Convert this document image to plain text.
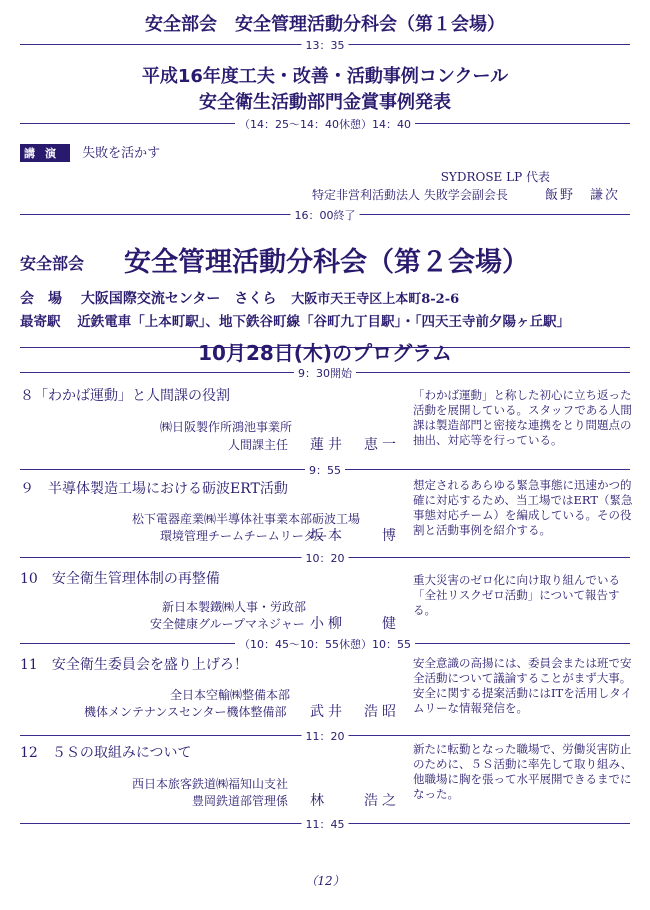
安全部会　安全管理活動分科会（第１会場）
13：35
平成16年度工夫・改善・活動事例コンクール
安全衛生活動部門金賞事例発表
（14：25～14：40休憩）14：40
講演 失敗を活かす
SYDROSE LP 代表
特定非営利活動法人 失敗学会副会長	飯野　謙次
16：00終了
安全部会 安全管理活動分科会（第２会場）
会　場 大阪国際交流センター　さくら 大阪市天王寺区上本町8-2-6
最寄駅 近鉄電車「上本町駅」、地下鉄谷町線「谷町九丁目駅」・「四天王寺前夕陽ヶ丘駅」
10月28日(木)のプログラム
9：30開始
８「わかば運動」と人間課の役割
㈱日阪製作所鴻池事業所
人間課主任 蓮井　恵一
「わかば運動」と称した初心に立ち返った活動を展開している。スタッフである人間課は製造部門と密接な連携をとり問題点の抽出、対応等を行っている。
9：55
９　半導体製造工場における砺波ERT活動
松下電器産業㈱半導体社事業本部砺波工場
環境管理チームチームリーダー
坂本　　博
想定されるあらゆる緊急事態に迅速かつ的確に対応するため、当工場ではERT（緊急事態対応チーム）を編成している。その役割と活動事例を紹介する。
10：20
10　安全衛生管理体制の再整備
新日本製鐵㈱人事・労政部
安全健康グループマネジャー 小柳　　健
重大災害のゼロ化に向け取り組んでいる「全社リスクゼロ活動」について報告する。
（10：45～10：55休憩）10：55
11　安全衛生委員会を盛り上げろ！
全日本空輸㈱整備本部
機体メンテナンスセンター機体整備部 武井　浩昭
安全意識の高揚には、委員会または班で安全活動について議論することがまず大事。安全に関する提案活動にはITを活用しタイムリーな情報発信を。
11：20
12　５Ｓの取組みについて
西日本旅客鉄道㈱福知山支社
豊岡鉄道部管理係 林　　浩之
新たに転勤となった職場で、労働災害防止のために、５Ｓ活動に率先して取り組み、他職場に胸を張って水平展開できるまでになった。
11：45
（12）
